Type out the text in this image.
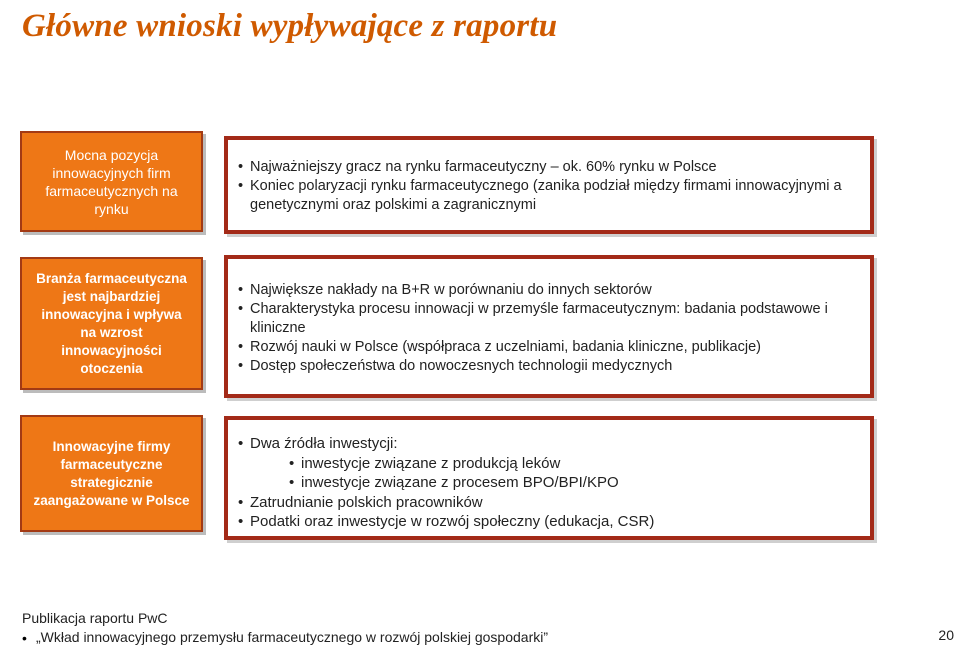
Główne wnioski wypływające z raportu
Mocna pozycja innowacyjnych firm farmaceutycznych na rynku
• Najważniejszy gracz na rynku farmaceutyczny – ok. 60% rynku w Polsce
• Koniec polaryzacji rynku farmaceutycznego (zanika podział między firmami innowacyjnymi a genetycznymi oraz polskimi a zagranicznymi
Branża farmaceutyczna jest najbardziej innowacyjna i wpływa na wzrost innowacyjności otoczenia
• Największe nakłady na B+R w porównaniu do innych sektorów
• Charakterystyka procesu innowacji w przemyśle farmaceutycznym: badania podstawowe i kliniczne
• Rozwój nauki w Polsce (współpraca z uczelniami, badania kliniczne, publikacje)
• Dostęp społeczeństwa do nowoczesnych technologii medycznych
Innowacyjne firmy farmaceutyczne strategicznie zaangażowane w Polsce
• Dwa źródła inwestycji:
• inwestycje związane z produkcją leków
• inwestycje związane z procesem BPO/BPI/KPO
• Zatrudnianie polskich pracowników
• Podatki oraz inwestycje w rozwój społeczny (edukacja, CSR)
Publikacja raportu PwC
• „Wkład innowacyjnego przemysłu farmaceutycznego w rozwój polskiej gospodarki”	20
